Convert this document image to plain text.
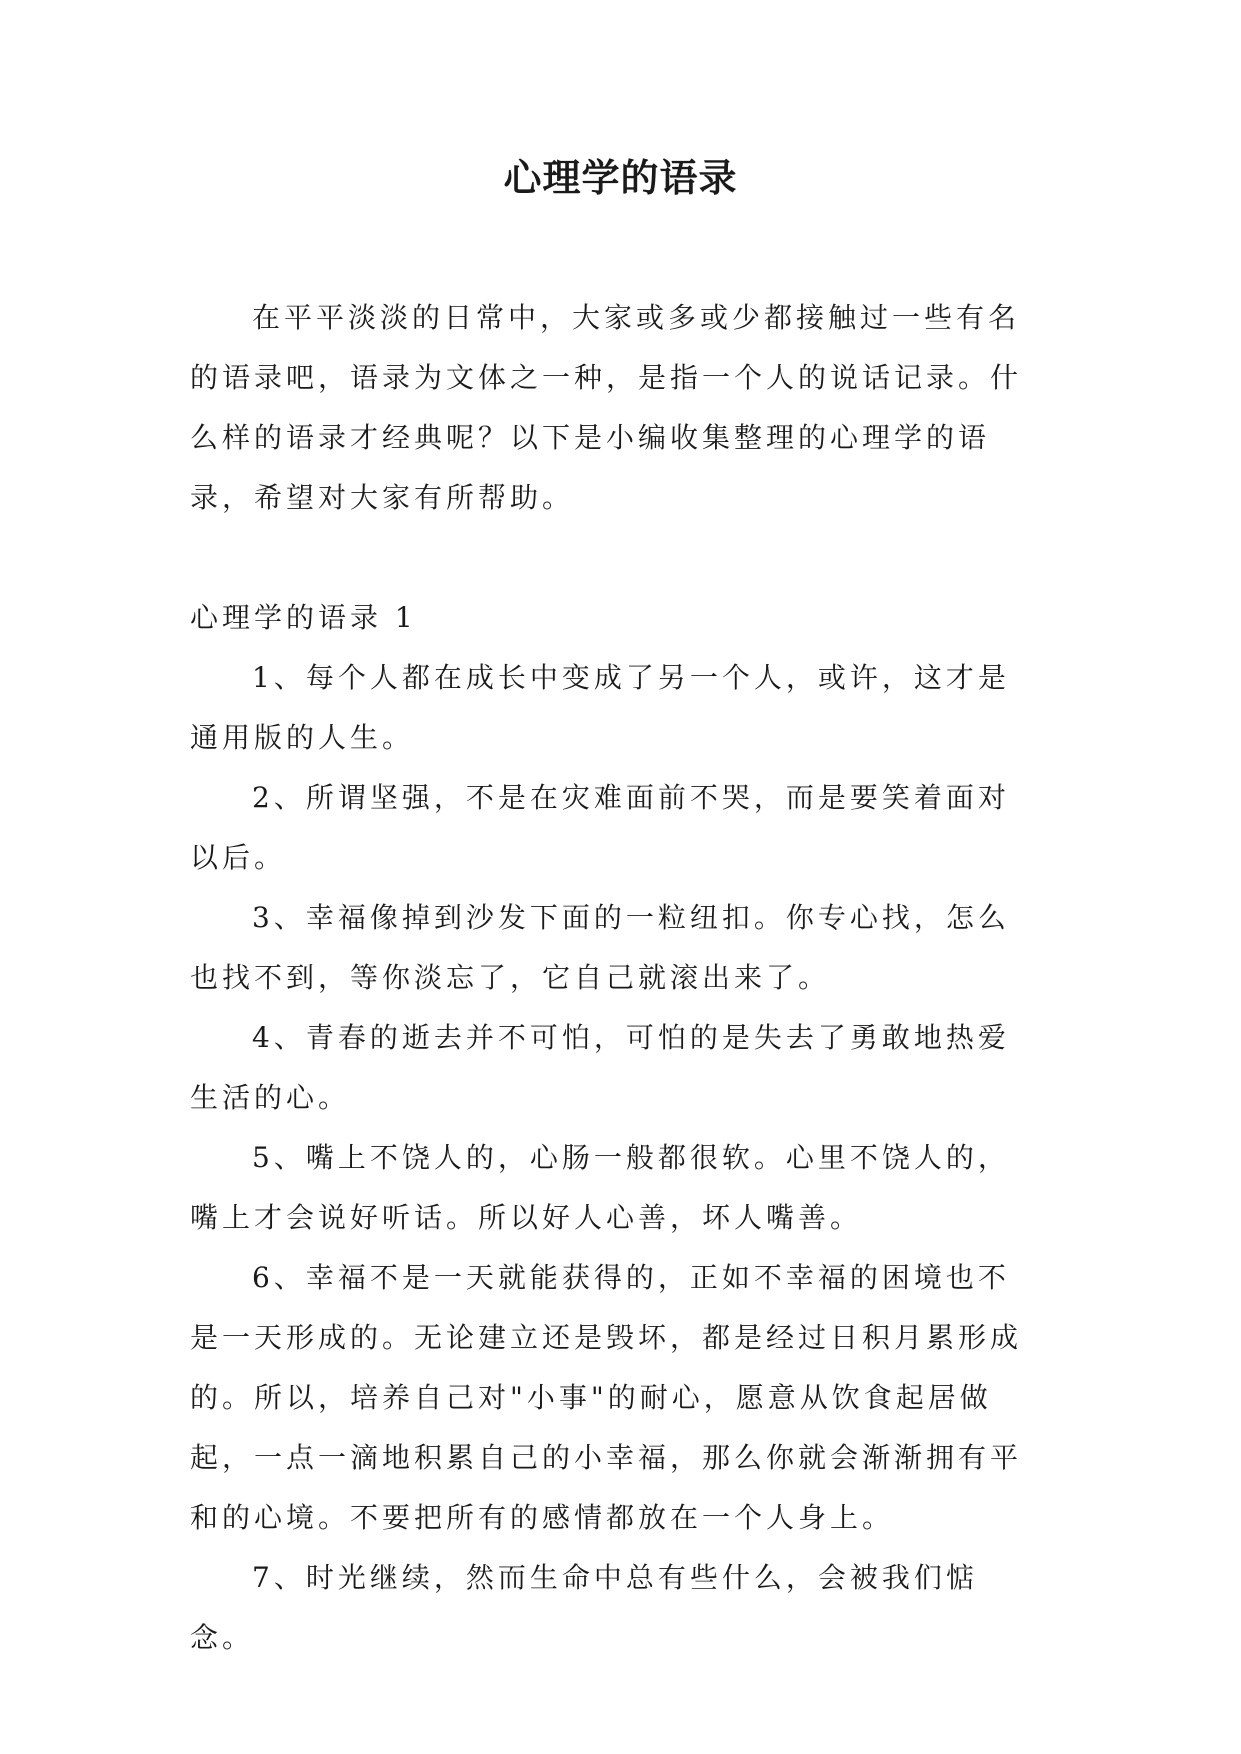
心理学的语录

在平平淡淡的日常中，大家或多或少都接触过一些有名的语录吧，语录为文体之一种，是指一个人的说话记录。什么样的语录才经典呢？以下是小编收集整理的心理学的语录，希望对大家有所帮助。

心理学的语录 1

1、每个人都在成长中变成了另一个人，或许，这才是通用版的人生。

2、所谓坚强，不是在灾难面前不哭，而是要笑着面对以后。

3、幸福像掉到沙发下面的一粒纽扣。你专心找，怎么也找不到，等你淡忘了，它自己就滚出来了。

4、青春的逝去并不可怕，可怕的是失去了勇敢地热爱生活的心。

5、嘴上不饶人的，心肠一般都很软。心里不饶人的，嘴上才会说好听话。所以好人心善，坏人嘴善。

6、幸福不是一天就能获得的，正如不幸福的困境也不是一天形成的。无论建立还是毁坏，都是经过日积月累形成的。所以，培养自己对"小事"的耐心，愿意从饮食起居做起，一点一滴地积累自己的小幸福，那么你就会渐渐拥有平和的心境。不要把所有的感情都放在一个人身上。

7、时光继续，然而生命中总有些什么，会被我们惦念。
